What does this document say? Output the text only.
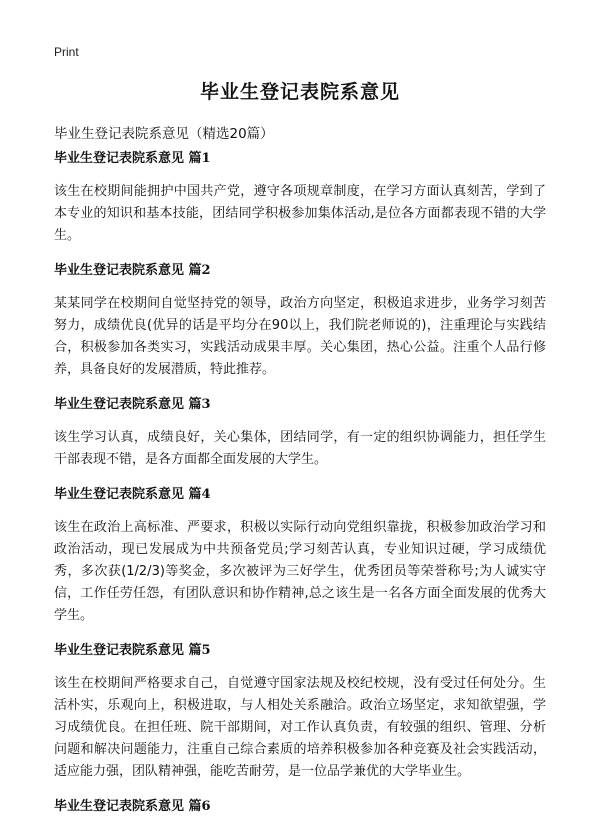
Print
毕业生登记表院系意见

毕业生登记表院系意见（精选20篇）

毕业生登记表院系意见 篇1

该生在校期间能拥护中国共产党，遵守各项规章制度，在学习方面认真刻苦，学到了本专业的知识和基本技能，团结同学积极参加集体活动,是位各方面都表现不错的大学生。

毕业生登记表院系意见 篇2

某某同学在校期间自觉坚持党的领导，政治方向坚定，积极追求进步，业务学习刻苦努力，成绩优良(优异的话是平均分在90以上，我们院老师说的)，注重理论与实践结合，积极参加各类实习，实践活动成果丰厚。关心集团，热心公益。注重个人品行修养，具备良好的发展潜质，特此推荐。

毕业生登记表院系意见 篇3

该生学习认真，成绩良好，关心集体，团结同学，有一定的组织协调能力，担任学生干部表现不错，是各方面都全面发展的大学生。

毕业生登记表院系意见 篇4

该生在政治上高标准、严要求，积极以实际行动向党组织靠拢，积极参加政治学习和政治活动，现已发展成为中共预备党员;学习刻苦认真，专业知识过硬，学习成绩优秀，多次获(1/2/3)等奖金，多次被评为三好学生，优秀团员等荣誉称号;为人诚实守信，工作任劳任怨，有团队意识和协作精神,总之该生是一名各方面全面发展的优秀大学生。

毕业生登记表院系意见 篇5

该生在校期间严格要求自己，自觉遵守国家法规及校纪校规，没有受过任何处分。生活朴实，乐观向上，积极进取，与人相处关系融洽。政治立场坚定，求知欲望强，学习成绩优良。在担任班、院干部期间，对工作认真负责，有较强的组织、管理、分析问题和解决问题能力，注重自己综合素质的培养积极参加各种竞赛及社会实践活动，适应能力强，团队精神强，能吃苦耐劳，是一位品学兼优的大学毕业生。

毕业生登记表院系意见 篇6
